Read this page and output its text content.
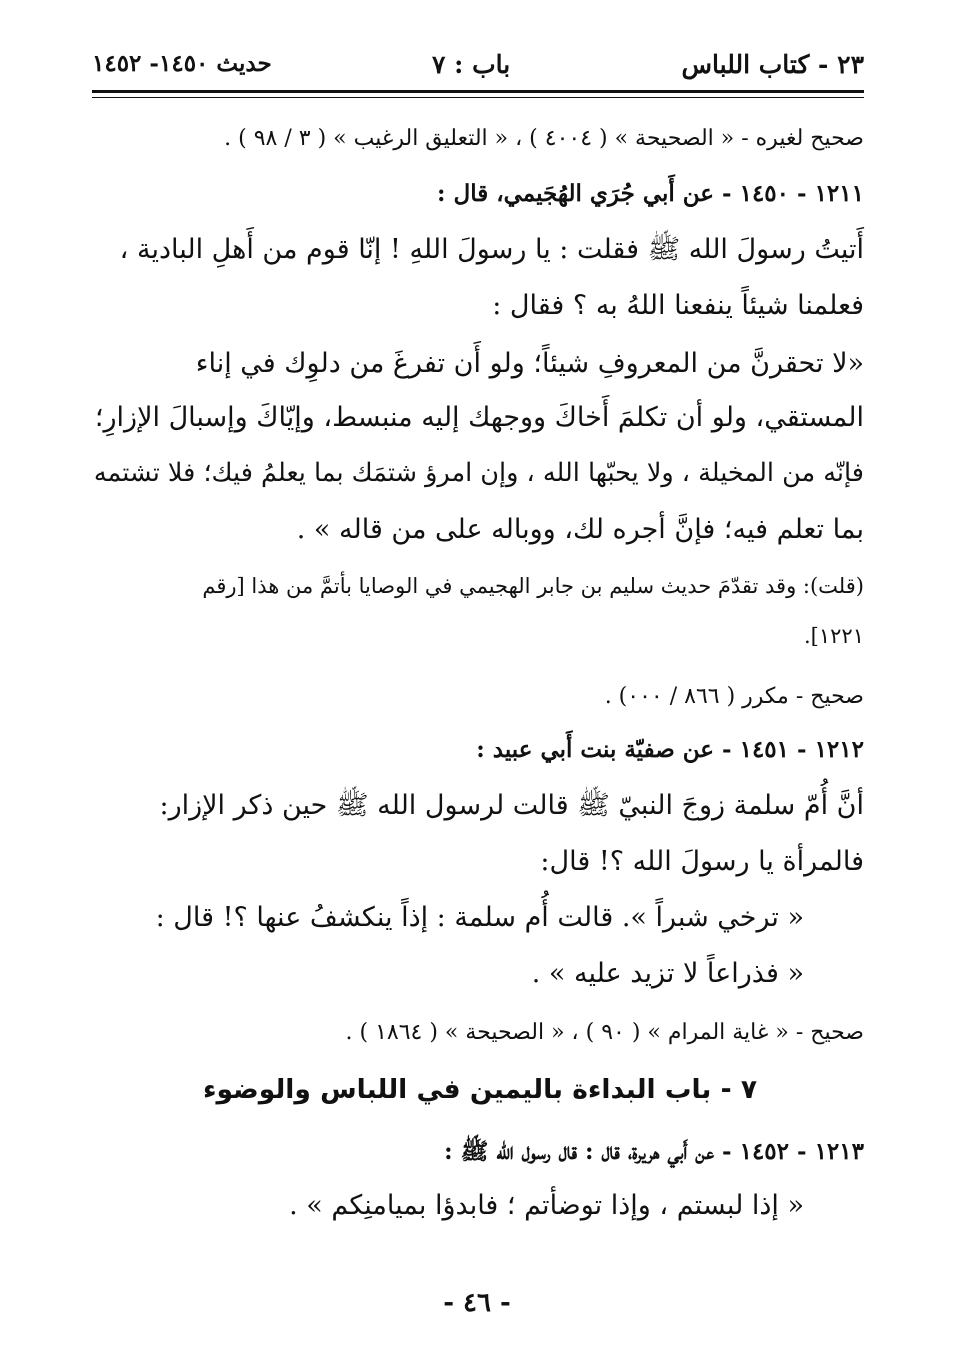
٢٣ - كتاب اللباس
باب : ٧
حديث ١٤٥٠- ١٤٥٢
صحيح لغيره - « الصحيحة » ( ٤٠٠٤ ) ، « التعليق الرغيب » ( ٣ / ٩٨ ) .
١٢١١ - ١٤٥٠ - عن أَبي جُرَي الهُجَيمي، قال :
أَتيتُ رسولَ الله ﷺ فقلت : يا رسولَ اللهِ ! إنّا قوم من أَهلِ البادية ،
فعلمنا شيئاً ينفعنا اللهُ به ؟ فقال :
«لا تحقرنَّ من المعروفِ شيئاً؛ ولو أَن تفرغَ من دلوِك في إناء
المستقي، ولو أن تكلمَ أَخاكَ ووجهك إليه منبسط، وإيّاكَ وإسبالَ الإزارِ؛
فإنّه من المخيلة ، ولا يحبّها الله ، وإن امرؤ شتمَك بما يعلمُ فيك؛ فلا تشتمه
بما تعلم فيه؛ فإنَّ أجره لك، ووباله على من قاله » .
(قلت): وقد تقدّمَ حديث سليم بن جابر الهجيمي في الوصايا بأتمَّ من هذا [رقم
١٢٢١].
صحيح - مكرر ( ٨٦٦ / ٠٠٠) .
١٢١٢ - ١٤٥١ - عن صفيّة بنت أَبي عبيد :
أنَّ أُمّ سلمة زوجَ النبيّ ﷺ قالت لرسول الله ﷺ حين ذكر الإزار:
فالمرأة يا رسولَ الله ؟! قال:
« ترخي شبراً ». قالت أُم سلمة : إذاً ينكشفُ عنها ؟! قال :
« فذراعاً لا تزيد عليه » .
صحيح - « غاية المرام » ( ٩٠ ) ، « الصحيحة » ( ١٨٦٤ ) .
٧ - باب البداءة باليمين في اللباس والوضوء
١٢١٣ - ١٤٥٢ - عن أَبي هريرة، قال : قال رسول الله ﷺ :
« إذا لبستم ، وإذا توضأتم ؛ فابدؤا بميامنِكم » .
- ٤٦ -
